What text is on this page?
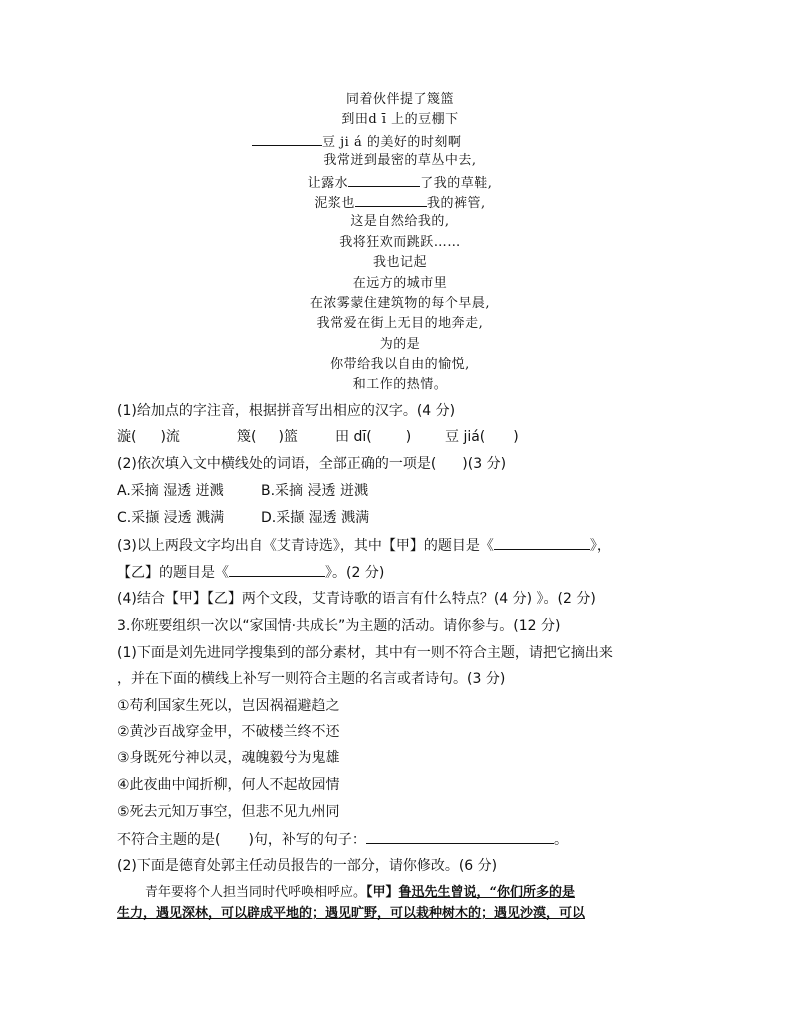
同着伙伴提了篾篮
到田d ī 上的豆棚下
豆 ji á 的美好的时刻啊
我常迸到最密的草丛中去,
让露水	了我的草鞋,
泥浆也	我的裤管,
这是自然给我的,
我将狂欢而跳跃……
我也记起
在远方的城市里
在浓雾蒙住建筑物的每个早晨,
我常爱在街上无目的地奔走,
为的是
你带给我以自由的愉悦,
和工作的热情。
(1)给加点的字注音，根据拼音写出相应的汉字。(4 分)
漩( )流	篾( )篮	田 dī( ) 豆 jiá( )
(2)依次填入文中横线处的词语，全部正确的一项是( )(3 分)
A.采摘 湿透 迸溅	B.采摘 浸透 迸溅
C.采撷 浸透 溅满	D.采撷 湿透 溅满
(3)以上两段文字均出自《艾青诗选》，其中【甲】的题目是《	》，
【乙】的题目是《	》。(2 分)
(4)结合【甲】【乙】两个文段，艾青诗歌的语言有什么特点？(4 分) 》。(2 分)
3.你班要组织一次以“家国情·共成长”为主题的活动。请你参与。(12 分)
(1)下面是刘先进同学搜集到的部分素材，其中有一则不符合主题，请把它摘出来
，并在下面的横线上补写一则符合主题的名言或者诗句。(3 分)
①苟利国家生死以，岂因祸福避趋之
②黄沙百战穿金甲，不破楼兰终不还
③身既死兮神以灵，魂魄毅兮为鬼雄
④此夜曲中闻折柳，何人不起故园情
⑤死去元知万事空，但悲不见九州同
不符合主题的是( )句，补写的句子：	。
(2)下面是德育处郭主任动员报告的一部分，请你修改。(6 分)
青年要将个人担当同时代呼唤相呼应。【甲】鲁迅先生曾说，“你们所多的是
生力，遇见深林，可以辟成平地的；遇见旷野，可以栽种树木的；遇见沙漠，可以
